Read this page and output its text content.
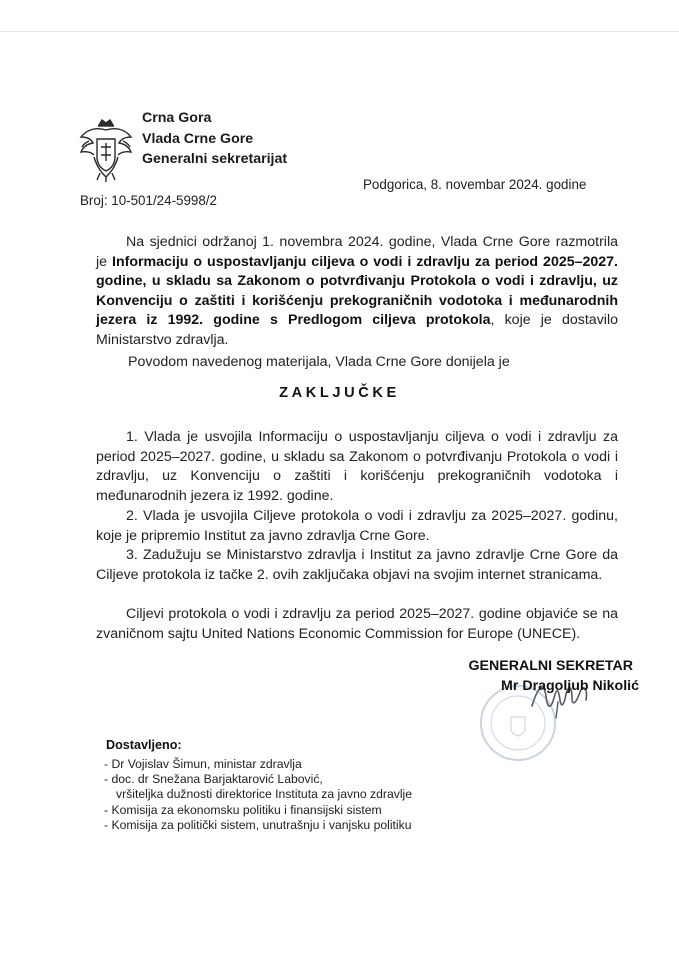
Crna Gora
Vlada Crne Gore
Generalni sekretarijat
Broj: 10-501/24-5998/2
Podgorica, 8. novembar 2024. godine
Na sjednici održanoj 1. novembra 2024. godine, Vlada Crne Gore razmotrila je Informaciju o uspostavljanju ciljeva o vodi i zdravlju za period 2025–2027. godine, u skladu sa Zakonom o potvrđivanju Protokola o vodi i zdravlju, uz Konvenciju o zaštiti i korišćenju prekograničnih vodotoka i međunarodnih jezera iz 1992. godine s Predlogom ciljeva protokola, koje je dostavilo Ministarstvo zdravlja.
Povodom navedenog materijala, Vlada Crne Gore donijela je
ZAKLJUČKE
1. Vlada je usvojila Informaciju o uspostavljanju ciljeva o vodi i zdravlju za period 2025–2027. godine, u skladu sa Zakonom o potvrđivanju Protokola o vodi i zdravlju, uz Konvenciju o zaštiti i korišćenju prekograničnih vodotoka i međunarodnih jezera iz 1992. godine.
2. Vlada je usvojila Ciljeve protokola o vodi i zdravlju za 2025–2027. godinu, koje je pripremio Institut za javno zdravlja Crne Gore.
3. Zadužuju se Ministarstvo zdravlja i Institut za javno zdravlje Crne Gore da Ciljeve protokola iz tačke 2. ovih zaključaka objavi na svojim internet stranicama.
Ciljevi protokola o vodi i zdravlju za period 2025–2027. godine objaviće se na zvaničnom sajtu United Nations Economic Commission for Europe (UNECE).
GENERALNI SEKRETAR
Mr Dragoljub Nikolić
Dostavljeno:
- Dr Vojislav Šimun, ministar zdravlja
- doc. dr Snežana Barjaktarović Labović,
vršiteljka dužnosti direktorice Instituta za javno zdravlje
- Komisija za ekonomsku politiku i finansijski sistem
- Komisija za politički sistem, unutrašnju i vanjsku politiku
